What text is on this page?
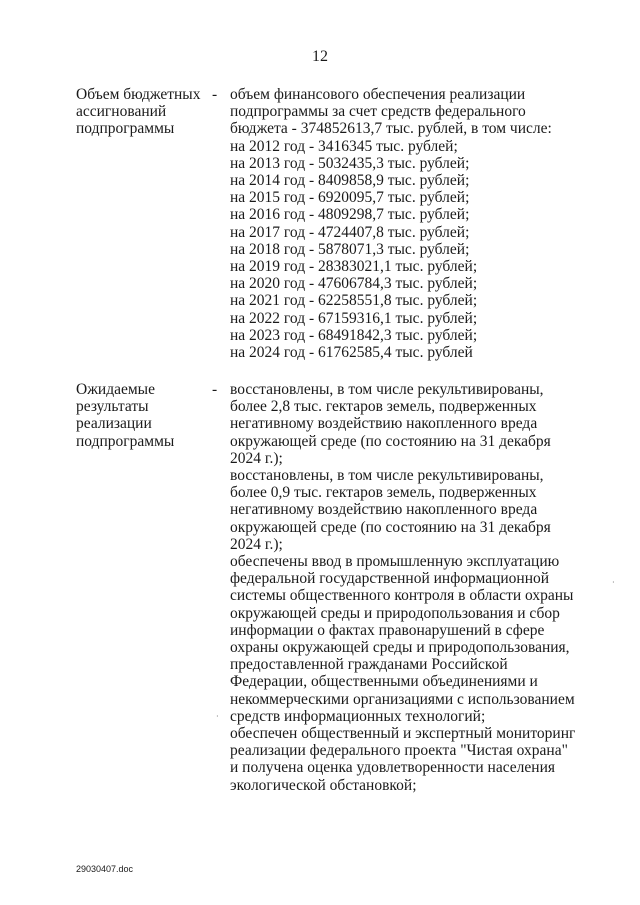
12
Объем бюджетных ассигнований подпрограммы
- объем финансового обеспечения реализации подпрограммы за счет средств федерального бюджета - 374852613,7 тыс. рублей, в том числе:

на 2012 год - 3416345 тыс. рублей;

на 2013 год - 5032435,3 тыс. рублей;

на 2014 год - 8409858,9 тыс. рублей;

на 2015 год - 6920095,7 тыс. рублей;

на 2016 год - 4809298,7 тыс. рублей;

на 2017 год - 4724407,8 тыс. рублей;

на 2018 год - 5878071,3 тыс. рублей;

на 2019 год - 28383021,1 тыс. рублей;

на 2020 год - 47606784,3 тыс. рублей;

на 2021 год - 62258551,8 тыс. рублей;

на 2022 год - 67159316,1 тыс. рублей;

на 2023 год - 68491842,3 тыс. рублей;

на 2024 год - 61762585,4 тыс. рублей

Ожидаемые результаты реализации подпрограммы
- восстановлены, в том числе рекультивированы, более 2,8 тыс. гектаров земель, подверженных негативному воздействию накопленного вреда окружающей среде (по состоянию на 31 декабря 2024 г.);

восстановлены, в том числе рекультивированы, более 0,9 тыс. гектаров земель, подверженных негативному воздействию накопленного вреда окружающей среде (по состоянию на 31 декабря 2024 г.);

обеспечены ввод в промышленную эксплуатацию федеральной государственной информационной системы общественного контроля в области охраны окружающей среды и природопользования и сбор информации о фактах правонарушений в сфере охраны окружающей среды и природопользования, предоставленной гражданами Российской Федерации, общественными объединениями и некоммерческими организациями с использованием средств информационных технологий;

обеспечен общественный и экспертный мониторинг реализации федерального проекта "Чистая охрана" и получена оценка удовлетворенности населения экологической обстановкой;

·
·
29030407.doc
